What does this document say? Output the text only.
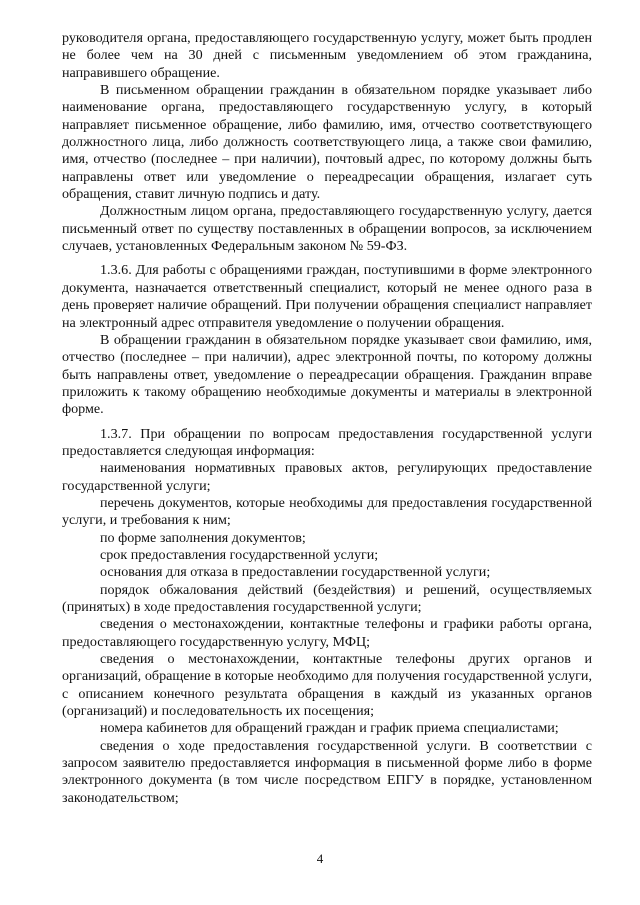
руководителя органа, предоставляющего государственную услугу, может быть продлен не более чем на 30 дней с письменным уведомлением об этом гражданина, направившего обращение.

В письменном обращении гражданин в обязательном порядке указывает либо наименование органа, предоставляющего государственную услугу, в который направляет письменное обращение, либо фамилию, имя, отчество соответствующего должностного лица, либо должность соответствующего лица, а также свои фамилию, имя, отчество (последнее – при наличии), почтовый адрес, по которому должны быть направлены ответ или уведомление о переадресации обращения, излагает суть обращения, ставит личную подпись и дату.

Должностным лицом органа, предоставляющего государственную услугу, дается письменный ответ по существу поставленных в обращении вопросов, за исключением случаев, установленных Федеральным законом № 59-ФЗ.

1.3.6. Для работы с обращениями граждан, поступившими в форме электронного документа, назначается ответственный специалист, который не менее одного раза в день проверяет наличие обращений. При получении обращения специалист направляет на электронный адрес отправителя уведомление о получении обращения.

В обращении гражданин в обязательном порядке указывает свои фамилию, имя, отчество (последнее – при наличии), адрес электронной почты, по которому должны быть направлены ответ, уведомление о переадресации обращения. Гражданин вправе приложить к такому обращению необходимые документы и материалы в электронной форме.

1.3.7. При обращении по вопросам предоставления государственной услуги предоставляется следующая информация:

наименования нормативных правовых актов, регулирующих предоставление государственной услуги;

перечень документов, которые необходимы для предоставления государственной услуги, и требования к ним;

по форме заполнения документов;

срок предоставления государственной услуги;

основания для отказа в предоставлении государственной услуги;

порядок обжалования действий (бездействия) и решений, осуществляемых (принятых) в ходе предоставления государственной услуги;

сведения о местонахождении, контактные телефоны и графики работы органа, предоставляющего государственную услугу, МФЦ;

сведения о местонахождении, контактные телефоны других органов и организаций, обращение в которые необходимо для получения государственной услуги, с описанием конечного результата обращения в каждый из указанных органов (организаций) и последовательность их посещения;

номера кабинетов для обращений граждан и график приема специалистами;

сведения о ходе предоставления государственной услуги. В соответствии с запросом заявителю предоставляется информация в письменной форме либо в форме электронного документа (в том числе посредством ЕПГУ в порядке, установленном законодательством;

4
